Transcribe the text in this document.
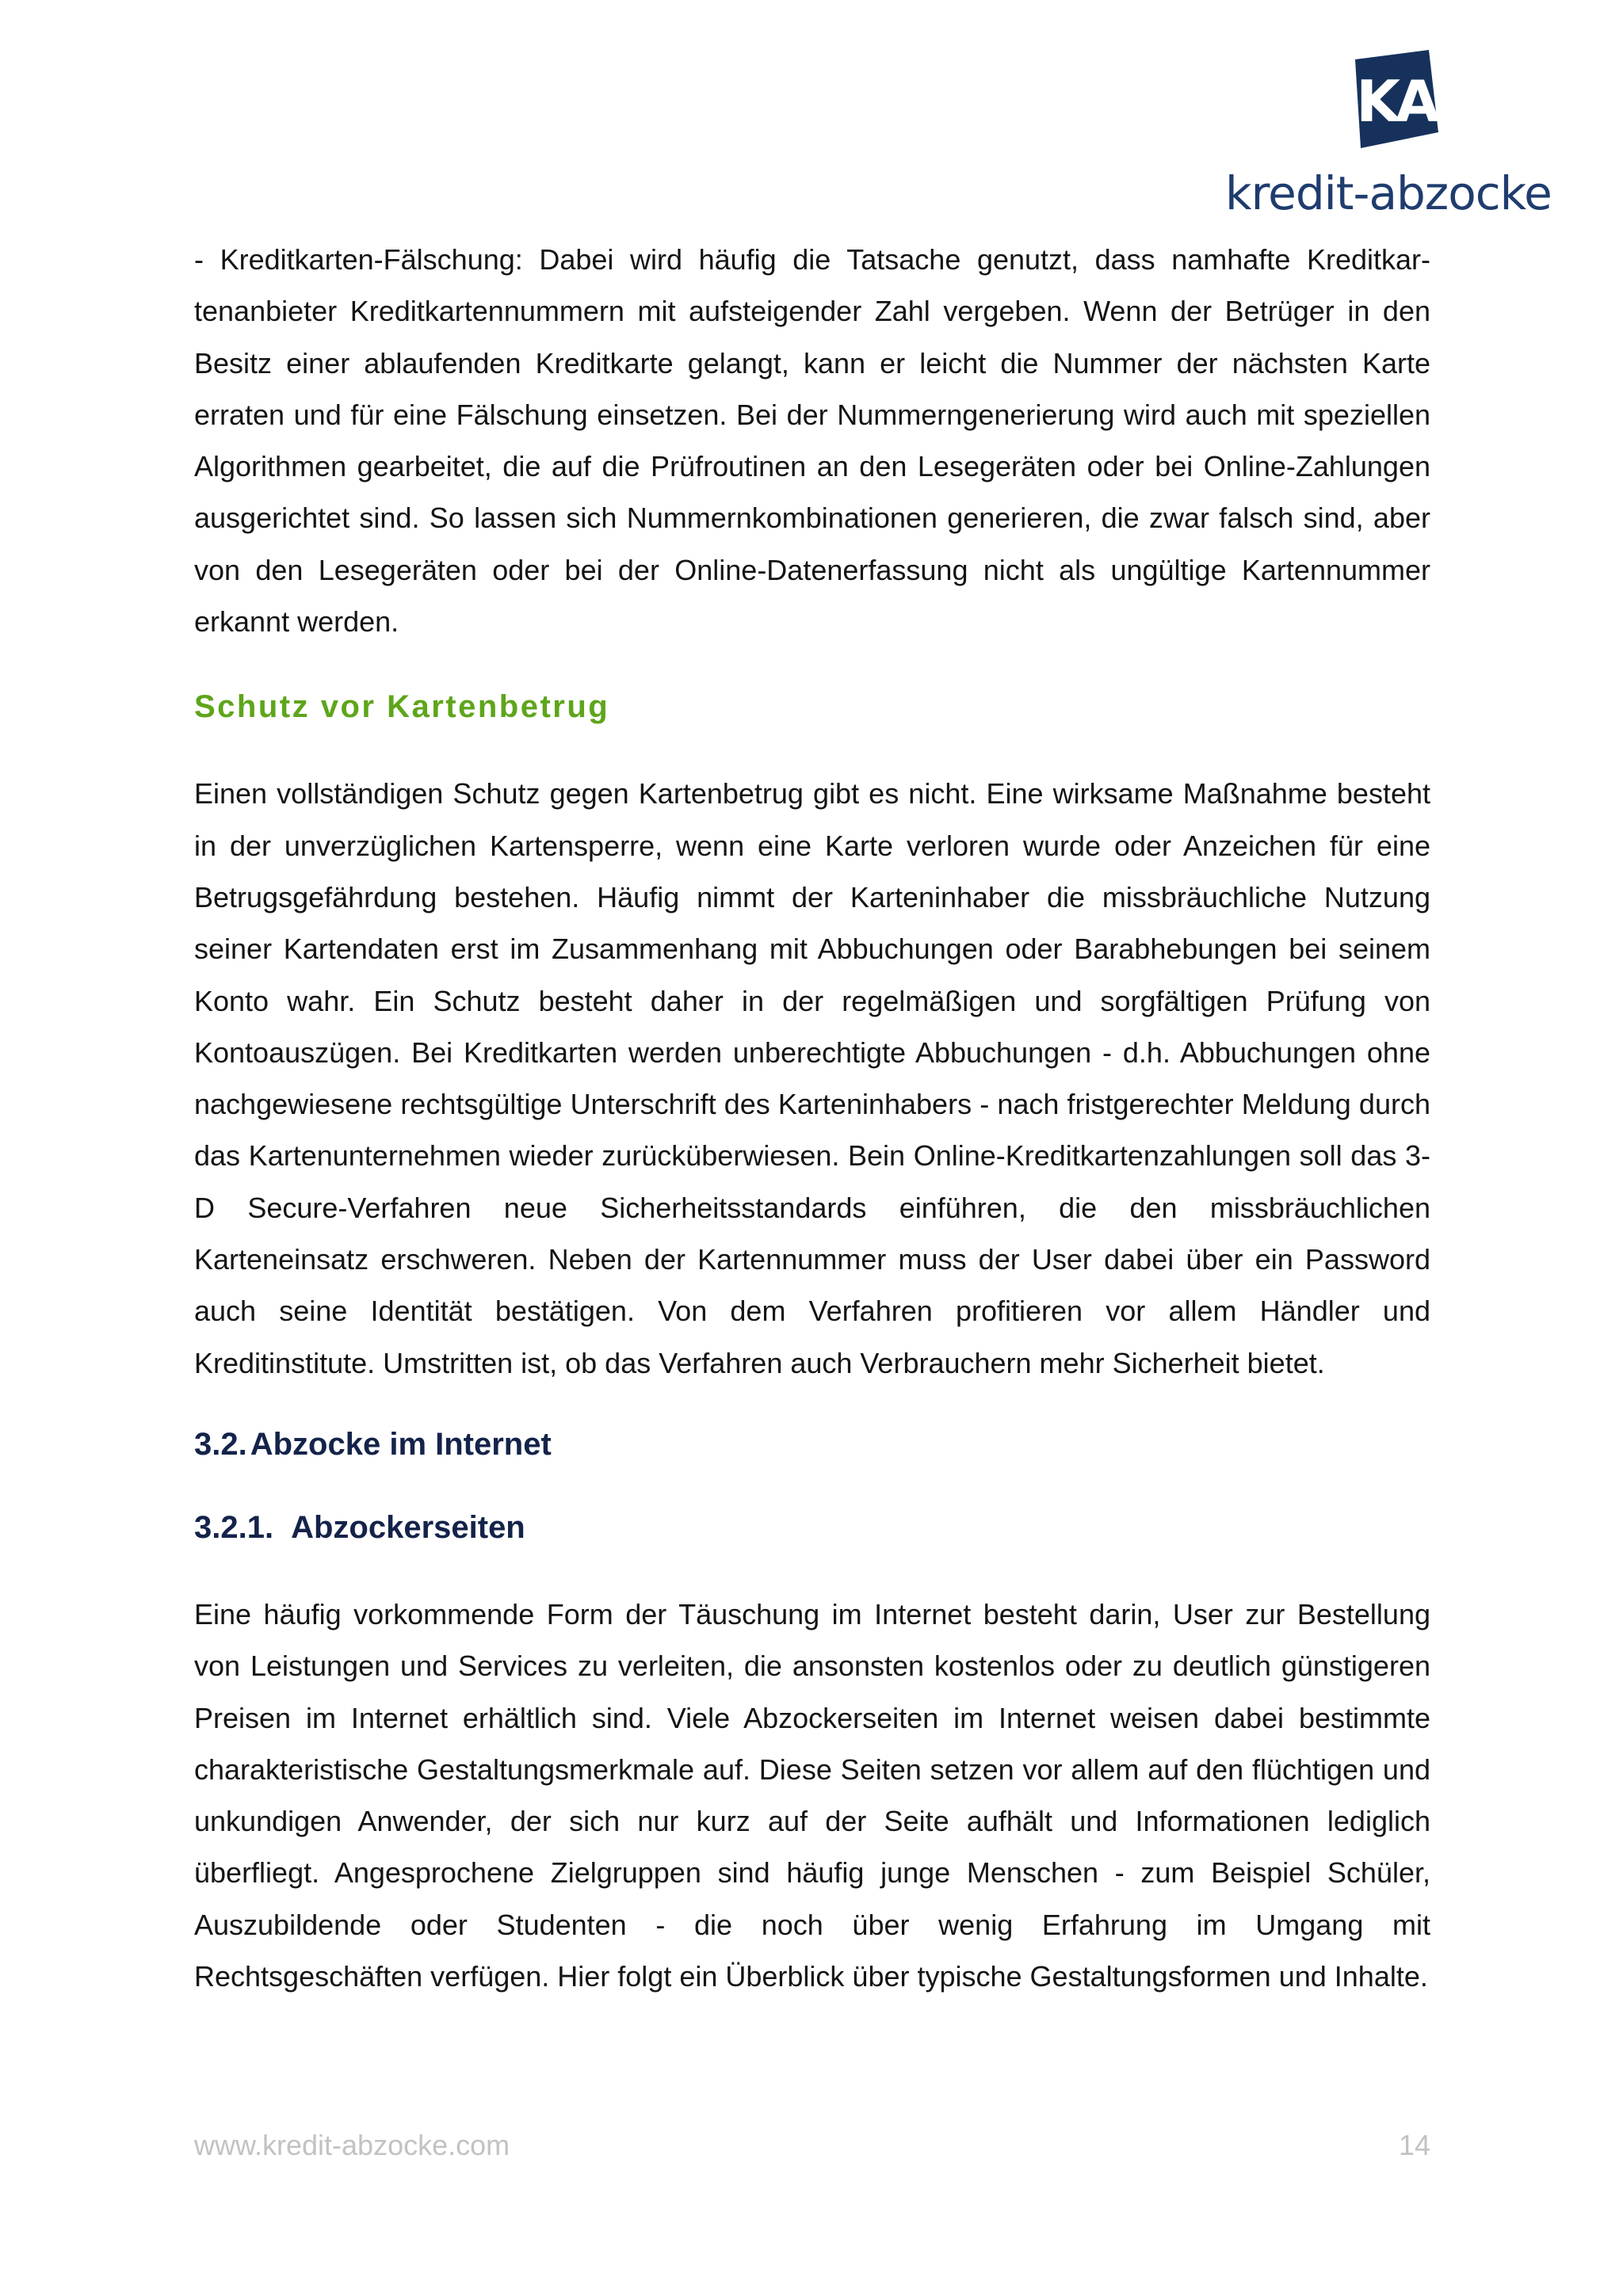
KA
kredit-abzocke

- Kreditkarten-Fälschung: Dabei wird häufig die Tatsache genutzt, dass namhafte Kreditkartenanbieter Kreditkartennummern mit aufsteigender Zahl vergeben. Wenn der Betrüger in den Besitz einer ablaufenden Kreditkarte gelangt, kann er leicht die Nummer der nächsten Karte erraten und für eine Fälschung einsetzen. Bei der Nummerngenerierung wird auch mit speziellen Algorithmen gearbeitet, die auf die Prüfroutinen an den Lesegeräten oder bei Online-Zahlungen ausgerichtet sind. So lassen sich Nummernkombinationen generieren, die zwar falsch sind, aber von den Lesegeräten oder bei der Online-Datenerfassung nicht als ungültige Kartennummer erkannt werden.

Schutz vor Kartenbetrug

Einen vollständigen Schutz gegen Kartenbetrug gibt es nicht. Eine wirksame Maßnahme besteht in der unverzüglichen Kartensperre, wenn eine Karte verloren wurde oder Anzeichen für eine Betrugsgefährdung bestehen. Häufig nimmt der Karteninhaber die missbräuchliche Nutzung seiner Kartendaten erst im Zusammenhang mit Abbuchungen oder Barabhebungen bei seinem Konto wahr. Ein Schutz besteht daher in der regelmäßigen und sorgfältigen Prüfung von Kontoauszügen. Bei Kreditkarten werden unberechtigte Abbuchungen - d.h. Abbuchungen ohne nachgewiesene rechtsgültige Unterschrift des Karteninhabers - nach fristgerechter Meldung durch das Kartenunternehmen wieder zurücküberwiesen. Bein Online-Kreditkartenzahlungen soll das 3-D Secure-Verfahren neue Sicherheitsstandards einführen, die den missbräuchlichen Karteneinsatz erschweren. Neben der Kartennummer muss der User dabei über ein Password auch seine Identität bestätigen. Von dem Verfahren profitieren vor allem Händler und Kreditinstitute. Umstritten ist, ob das Verfahren auch Verbrauchern mehr Sicherheit bietet.

3.2. Abzocke im Internet
3.2.1. Abzockerseiten

Eine häufig vorkommende Form der Täuschung im Internet besteht darin, User zur Bestellung von Leistungen und Services zu verleiten, die ansonsten kostenlos oder zu deutlich günstigeren Preisen im Internet erhältlich sind. Viele Abzockerseiten im Internet weisen dabei bestimmte charakteristische Gestaltungsmerkmale auf. Diese Seiten setzen vor allem auf den flüchtigen und unkundigen Anwender, der sich nur kurz auf der Seite aufhält und Informationen lediglich überfliegt. Angesprochene Zielgruppen sind häufig junge Menschen - zum Beispiel Schüler, Auszubildende oder Studenten - die noch über wenig Erfahrung im Umgang mit Rechtsgeschäften verfügen. Hier folgt ein Überblick über typische Gestaltungsformen und Inhalte.

www.kredit-abzocke.com	14
